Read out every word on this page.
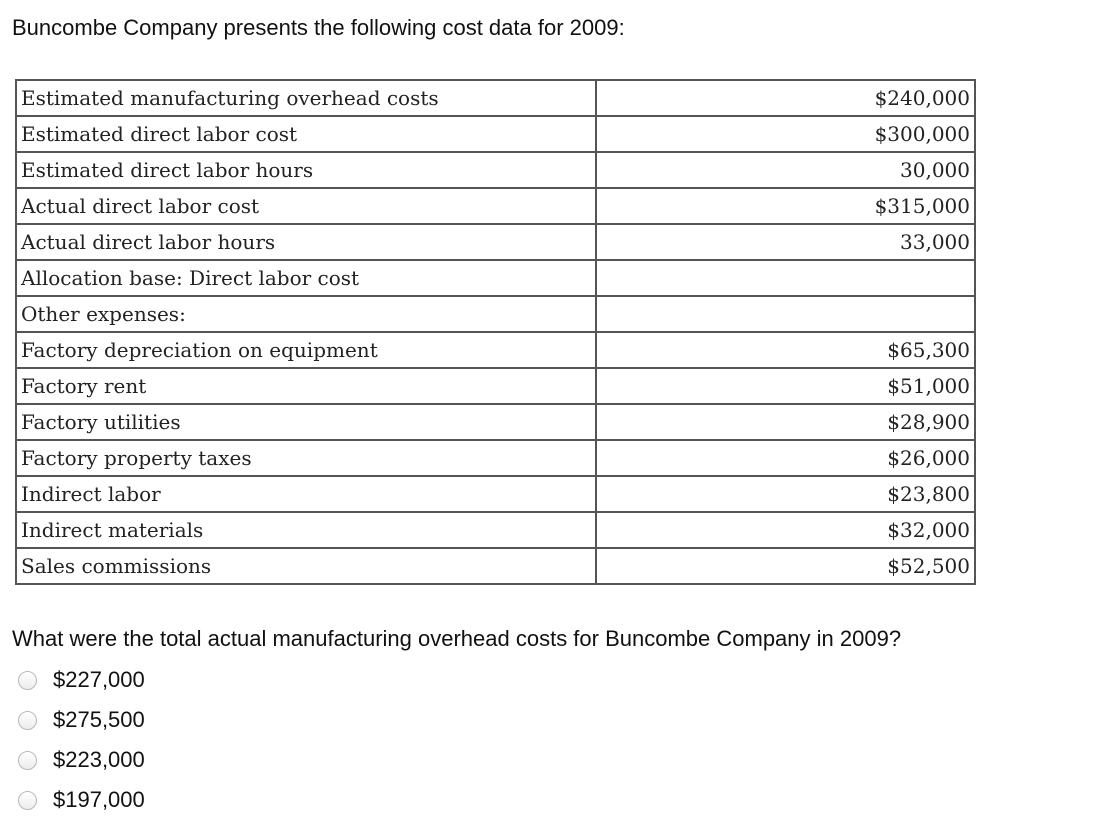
Buncombe Company presents the following cost data for 2009:
Estimated manufacturing overhead costs	$240,000
Estimated direct labor cost	$300,000
Estimated direct labor hours	30,000
Actual direct labor cost	$315,000
Actual direct labor hours	33,000
Allocation base: Direct labor cost	
Other expenses:	
Factory depreciation on equipment	$65,300
Factory rent	$51,000
Factory utilities	$28,900
Factory property taxes	$26,000
Indirect labor	$23,800
Indirect materials	$32,000
Sales commissions	$52,500
What were the total actual manufacturing overhead costs for Buncombe Company in 2009?
$227,000
$275,500
$223,000
$197,000
